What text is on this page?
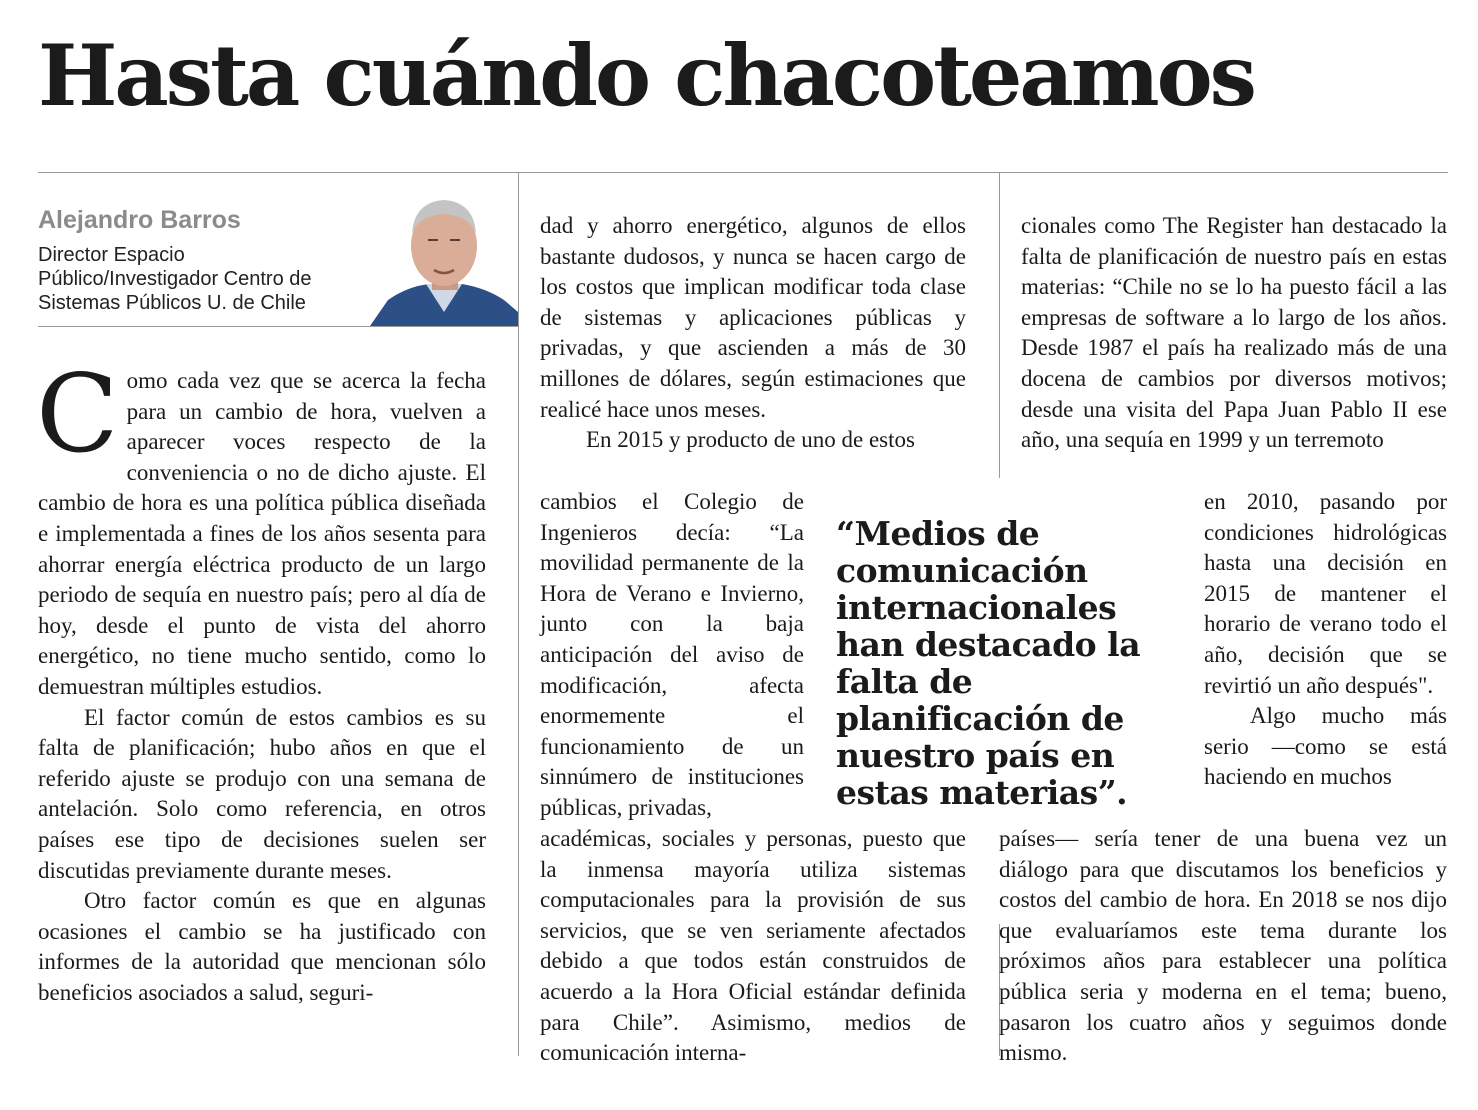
Hasta cuándo chacoteamos

Alejandro Barros

Director Espacio Público/Investigador Centro de Sistemas Públicos U. de Chile

Como cada vez que se acerca la fecha para un cambio de hora, vuelven a aparecer voces respecto de la conveniencia o no de dicho ajuste. El cambio de hora es una política pública diseñada e implementada a fines de los años sesenta para ahorrar energía eléctrica producto de un largo periodo de sequía en nuestro país; pero al día de hoy, desde el punto de vista del ahorro energético, no tiene mucho sentido, como lo demuestran múltiples estudios.

El factor común de estos cambios es su falta de planificación; hubo años en que el referido ajuste se produjo con una semana de antelación. Solo como referencia, en otros países ese tipo de decisiones suelen ser discutidas previamente durante meses.

Otro factor común es que en algunas ocasiones el cambio se ha justificado con informes de la autoridad que mencionan sólo beneficios asociados a salud, seguri-

dad y ahorro energético, algunos de ellos bastante dudosos, y nunca se hacen cargo de los costos que implican modificar toda clase de sistemas y aplicaciones públicas y privadas, y que ascienden a más de 30 millones de dólares, según estimaciones que realicé hace unos meses.

En 2015 y producto de uno de estos

cambios el Colegio de Ingenieros decía: “La movilidad permanente de la Hora de Verano e Invierno, junto con la baja anticipación del aviso de modificación, afecta enormemente el funcionamiento de un sinnúmero de instituciones públicas, privadas,

académicas, sociales y personas, puesto que la inmensa mayoría utiliza sistemas computacionales para la provisión de sus servicios, que se ven seriamente afectados debido a que todos están construidos de acuerdo a la Hora Oficial estándar definida para Chile”. Asimismo, medios de comunicación interna-

cionales como The Register han destacado la falta de planificación de nuestro país en estas materias: “Chile no se lo ha puesto fácil a las empresas de software a lo largo de los años. Desde 1987 el país ha realizado más de una docena de cambios por diversos motivos; desde una visita del Papa Juan Pablo II ese año, una sequía en 1999 y un terremoto

en 2010, pasando por condiciones hidrológicas hasta una decisión en 2015 de mantener el horario de verano todo el año, decisión que se revirtió un año después".

Algo mucho más serio —como se está haciendo en muchos

países— sería tener de una buena vez un diálogo para que discutamos los beneficios y costos del cambio de hora. En 2018 se nos dijo que evaluaríamos este tema durante los próximos años para establecer una política pública seria y moderna en el tema; bueno, pasaron los cuatro años y seguimos donde mismo.

“Medios de comunicación internacionales han destacado la falta de planificación de nuestro país en estas materias”.
